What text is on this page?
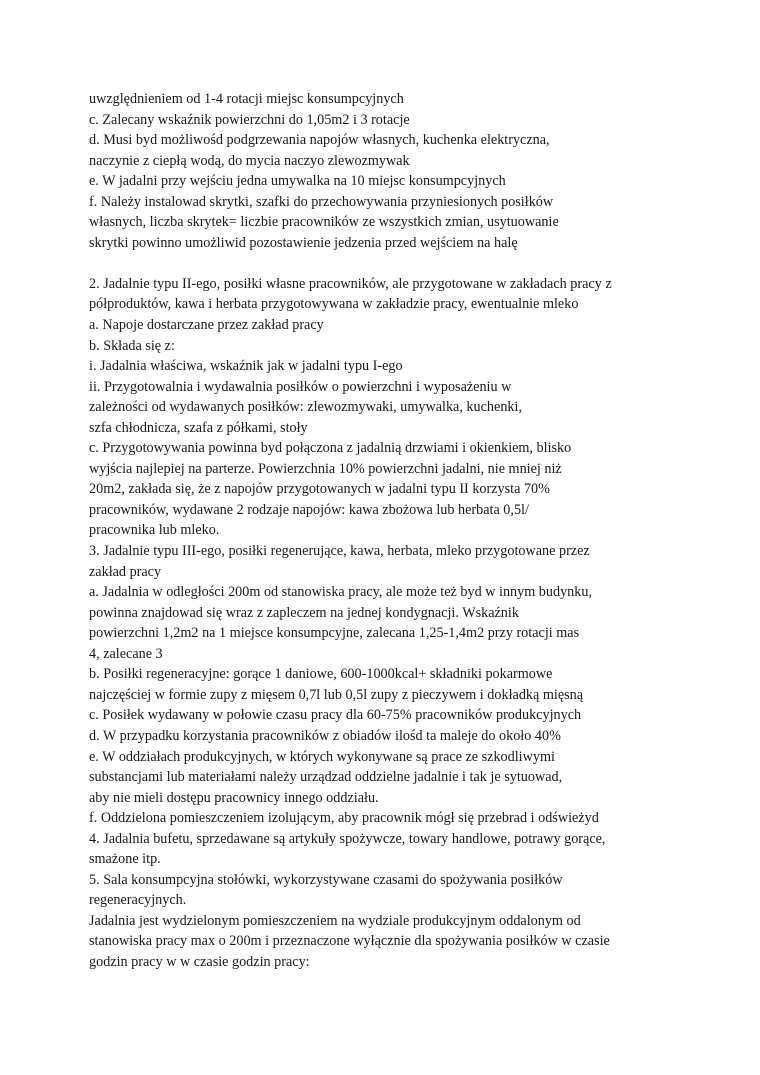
uwzględnieniem od 1-4 rotacji miejsc konsumpcyjnych
c. Zalecany wskaźnik powierzchni do 1,05m2 i 3 rotacje
d. Musi byd możliwośd podgrzewania napojów własnych, kuchenka elektryczna,
naczynie z ciepłą wodą, do mycia naczyo zlewozmywak
e. W jadalni przy wejściu jedna umywalka na 10 miejsc konsumpcyjnych
f. Należy instalowad skrytki, szafki do przechowywania przyniesionych posiłków
własnych, liczba skrytek= liczbie pracowników ze wszystkich zmian, usytuowanie
skrytki powinno umożliwid pozostawienie jedzenia przed wejściem na halę
2. Jadalnie typu II-ego, posiłki własne pracowników, ale przygotowane w zakładach pracy z
półproduktów, kawa i herbata przygotowywana w zakładzie pracy, ewentualnie mleko
a. Napoje dostarczane przez zakład pracy
b. Składa się z:
i. Jadalnia właściwa, wskaźnik jak w jadalni typu I-ego
ii. Przygotowalnia i wydawalnia posiłków o powierzchni i wyposażeniu w
zależności od wydawanych posiłków: zlewozmywaki, umywalka, kuchenki,
szfa chłodnicza, szafa z półkami, stoły
c. Przygotowywania powinna byd połączona z jadalnią drzwiami i okienkiem, blisko
wyjścia najlepiej na parterze. Powierzchnia 10% powierzchni jadalni, nie mniej niż
20m2, zakłada się, że z napojów przygotowanych w jadalni typu II korzysta 70%
pracowników, wydawane 2 rodzaje napojów: kawa zbożowa lub herbata 0,5l/
pracownika lub mleko.
3. Jadalnie typu III-ego, posiłki regenerujące, kawa, herbata, mleko przygotowane przez
zakład pracy
a. Jadalnia w odległości 200m od stanowiska pracy, ale może też byd w innym budynku,
powinna znajdowad się wraz z zapleczem na jednej kondygnacji. Wskaźnik
powierzchni 1,2m2 na 1 miejsce konsumpcyjne, zalecana 1,25-1,4m2 przy rotacji mas
4, zalecane 3
b. Posiłki regeneracyjne: gorące 1 daniowe, 600-1000kcal+ składniki pokarmowe
najczęściej w formie zupy z mięsem 0,7l lub 0,5l zupy z pieczywem i dokładką mięsną
c. Posiłek wydawany w połowie czasu pracy dla 60-75% pracowników produkcyjnych
d. W przypadku korzystania pracowników z obiadów ilośd ta maleje do około 40%
e. W oddziałach produkcyjnych, w których wykonywane są prace ze szkodliwymi
substancjami lub materiałami należy urządzad oddzielne jadalnie i tak je sytuowad,
aby nie mieli dostępu pracownicy innego oddziału.
f. Oddzielona pomieszczeniem izolującym, aby pracownik mógł się przebrad i odświeżyd
4. Jadalnia bufetu, sprzedawane są artykuły spożywcze, towary handlowe, potrawy gorące,
smażone itp.
5. Sala konsumpcyjna stołówki, wykorzystywane czasami do spożywania posiłków
regeneracyjnych.
Jadalnia jest wydzielonym pomieszczeniem na wydziale produkcyjnym oddalonym od
stanowiska pracy max o 200m i przeznaczone wyłącznie dla spożywania posiłków w czasie
godzin pracy w w czasie godzin pracy:
